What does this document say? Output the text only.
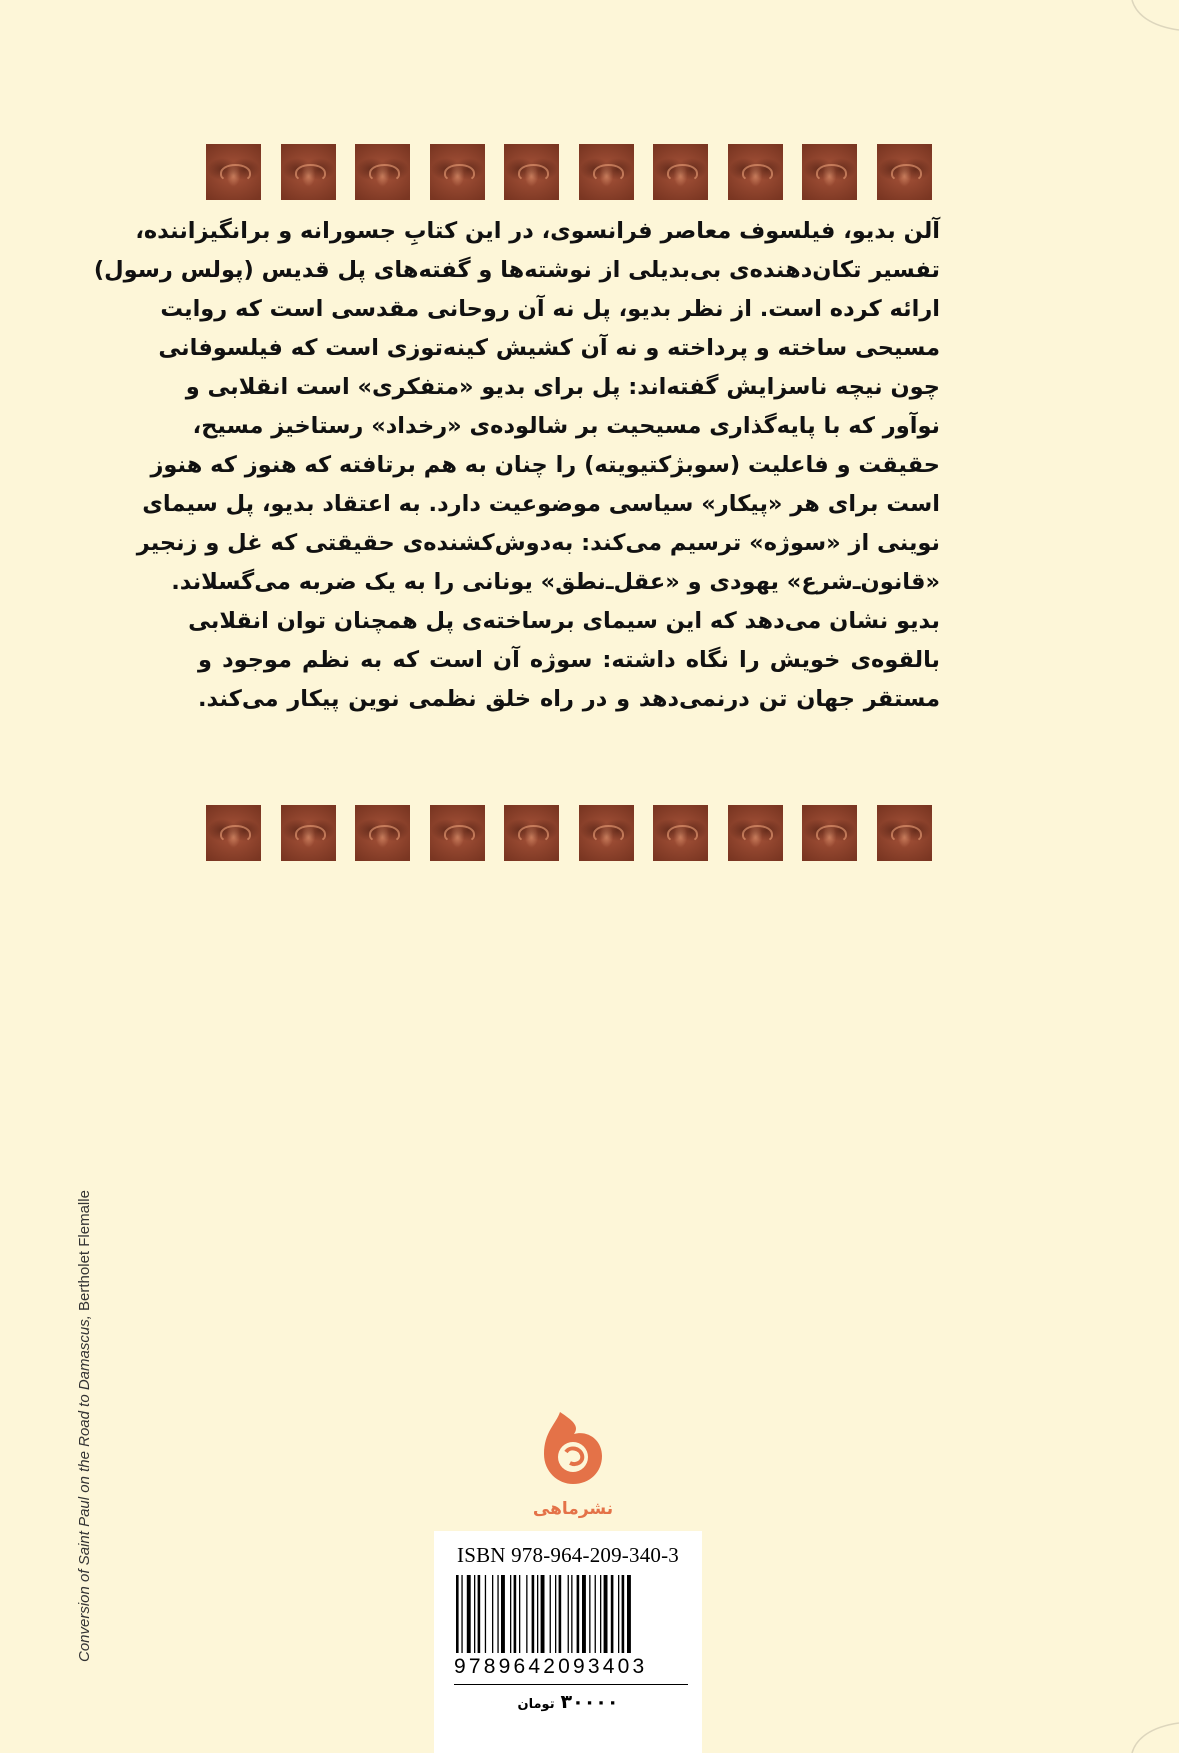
آلن بدیو، فیلسوف معاصر فرانسوی، در این کتابِ جسورانه و برانگیزاننده،
تفسیر تکان‌دهنده‌ی بی‌بدیلی از نوشته‌ها و گفته‌های پل قدیس (پولس رسول)
ارائه کرده است. از نظر بدیو، پل نه آن روحانی مقدسی است که روایت
مسیحی ساخته و پرداخته و نه آن کشیش کینه‌توزی است که فیلسوفانی
چون نیچه ناسزایش گفته‌اند: پل برای بدیو «متفکری» است انقلابی و
نوآور که با پایه‌گذاری مسیحیت بر شالوده‌ی «رخداد» رستاخیز مسیح،
حقیقت و فاعلیت (سوبژکتیویته) را چنان به هم برتافته که هنوز که هنوز
است برای هر «پیکار» سیاسی موضوعیت دارد. به اعتقاد بدیو، پل سیمای
نوینی از «سوژه» ترسیم می‌کند: به‌دوش‌کشنده‌ی حقیقتی که غل و زنجیر
«قانون‌ـ‌شرع» یهودی و «عقل‌ـ‌نطق» یونانی را به یک ضربه می‌گسلاند.
بدیو نشان می‌دهد که این سیمای برساخته‌ی پل همچنان توان انقلابی
بالقوه‌ی خویش را نگاه داشته: سوژه آن است که به نظم موجود و
مستقر جهان تن درنمی‌دهد و در راه خلق نظمی نوین پیکار می‌کند.
Conversion of Saint Paul on the Road to Damascus, Bertholet Flemalle
نشرماهی
ISBN 978-964-209-340-3
9789642093403
۳۰۰۰۰ تومان
